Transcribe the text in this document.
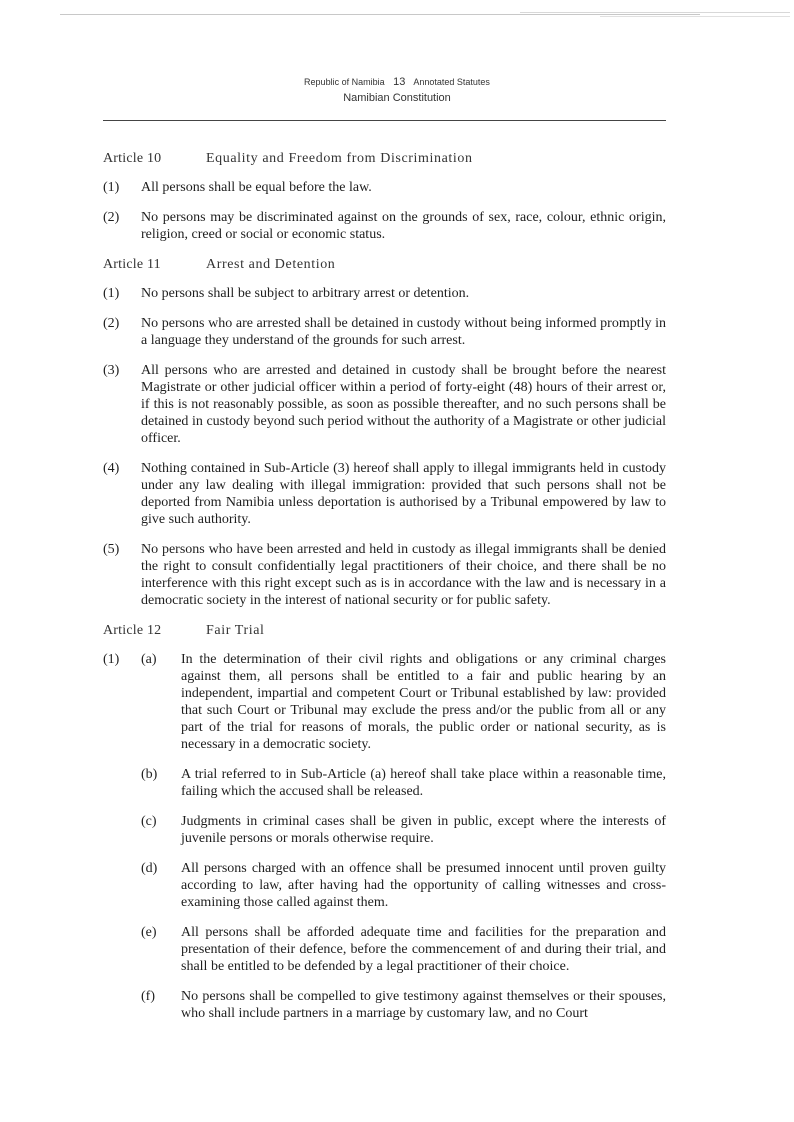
Republic of Namibia 13 Annotated Statutes
Namibian Constitution
Article 10	Equality and Freedom from Discrimination
(1)	All persons shall be equal before the law.
(2)	No persons may be discriminated against on the grounds of sex, race, colour, ethnic origin, religion, creed or social or economic status.
Article 11	Arrest and Detention
(1)	No persons shall be subject to arbitrary arrest or detention.
(2)	No persons who are arrested shall be detained in custody without being informed promptly in a language they understand of the grounds for such arrest.
(3)	All persons who are arrested and detained in custody shall be brought before the nearest Magistrate or other judicial officer within a period of forty-eight (48) hours of their arrest or, if this is not reasonably possible, as soon as possible thereafter, and no such persons shall be detained in custody beyond such period without the authority of a Magistrate or other judicial officer.
(4)	Nothing contained in Sub-Article (3) hereof shall apply to illegal immigrants held in custody under any law dealing with illegal immigration: provided that such persons shall not be deported from Namibia unless deportation is authorised by a Tribunal empowered by law to give such authority.
(5)	No persons who have been arrested and held in custody as illegal immigrants shall be denied the right to consult confidentially legal practitioners of their choice, and there shall be no interference with this right except such as is in accordance with the law and is necessary in a democratic society in the interest of national security or for public safety.
Article 12	Fair Trial
(1)	(a)	In the determination of their civil rights and obligations or any criminal charges against them, all persons shall be entitled to a fair and public hearing by an independent, impartial and competent Court or Tribunal established by law: provided that such Court or Tribunal may exclude the press and/or the public from all or any part of the trial for reasons of morals, the public order or national security, as is necessary in a democratic society.
(b)	A trial referred to in Sub-Article (a) hereof shall take place within a reasonable time, failing which the accused shall be released.
(c)	Judgments in criminal cases shall be given in public, except where the interests of juvenile persons or morals otherwise require.
(d)	All persons charged with an offence shall be presumed innocent until proven guilty according to law, after having had the opportunity of calling witnesses and cross-examining those called against them.
(e)	All persons shall be afforded adequate time and facilities for the preparation and presentation of their defence, before the commencement of and during their trial, and shall be entitled to be defended by a legal practitioner of their choice.
(f)	No persons shall be compelled to give testimony against themselves or their spouses, who shall include partners in a marriage by customary law, and no Court
